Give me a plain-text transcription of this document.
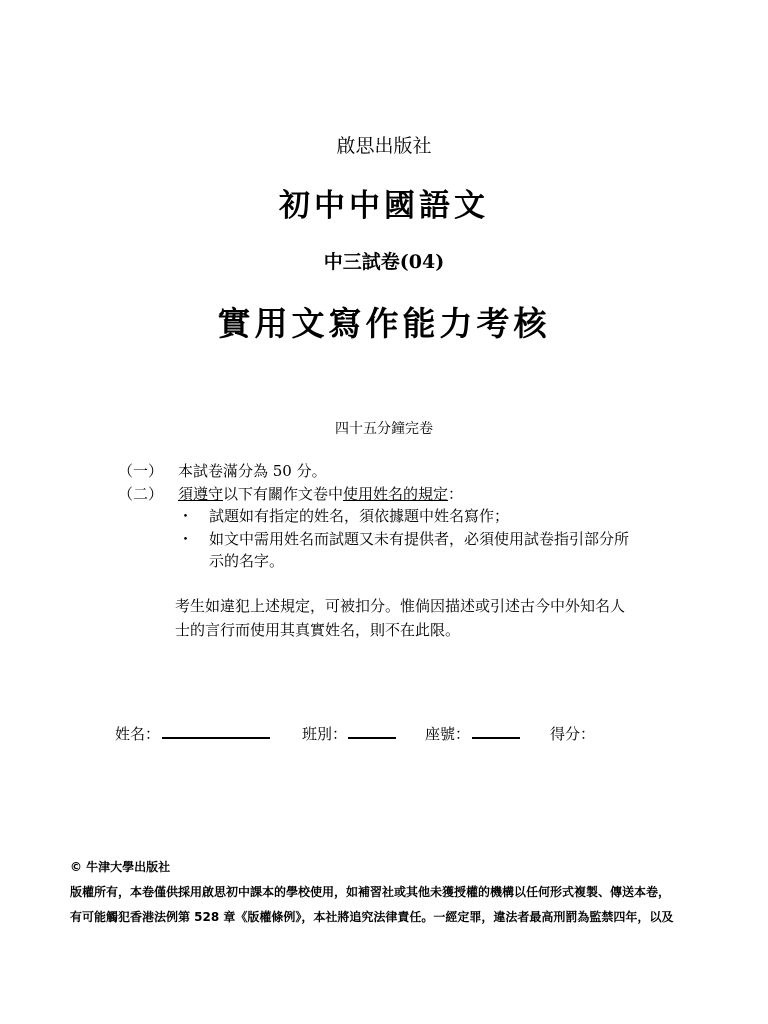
啟思出版社
初中中國語文
中三試卷(04)
實用文寫作能力考核
四十五分鐘完卷
（一） 本試卷滿分為 50 分。
（二） 須遵守以下有關作文卷中使用姓名的規定：
・ 試題如有指定的姓名，須依據題中姓名寫作；
・ 如文中需用姓名而試題又未有提供者，必須使用試卷指引部分所
示的名字。
考生如違犯上述規定，可被扣分。惟倘因描述或引述古今中外知名人
士的言行而使用其真實姓名，則不在此限。
姓名：	班別：	座號：	得分：
© 牛津大學出版社
版權所有，本卷僅供採用啟思初中課本的學校使用，如補習社或其他未獲授權的機構以任何形式複製、傳送本卷，
有可能觸犯香港法例第 528 章《版權條例》，本社將追究法律責任。一經定罪，違法者最高刑罰為監禁四年，以及
